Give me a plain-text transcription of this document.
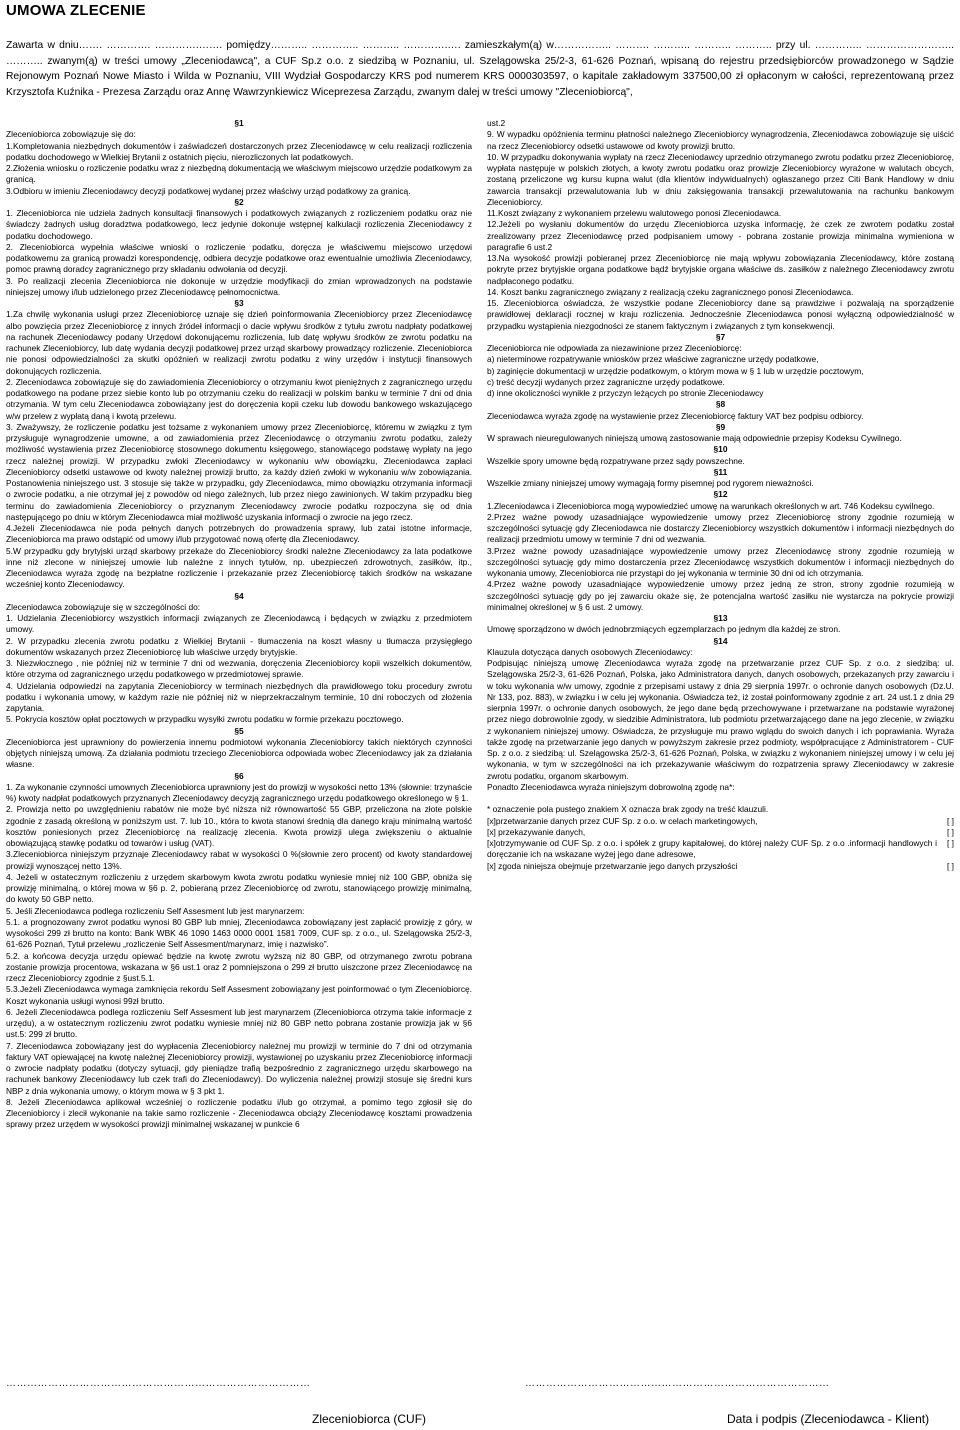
UMOWA ZLECENIE
Zawarta w dniu……. …………. ………….……. pomiędzy……….. ………….. ……….. ………….…. zamieszkałym(ą) w…………….. ………. ……….. ……….. ……….. przy ul. ………….. …………………….. ……….. zwanym(ą) w treści umowy „Zleceniodawcą", a CUF Sp.z o.o. z siedzibą w Poznaniu, ul. Szelągowska 25/2-3, 61-626 Poznań, wpisaną do rejestru przedsiębiorców prowadzonego w Sądzie Rejonowym Poznań Nowe Miasto i Wilda w Poznaniu, VIII Wydział Gospodarczy KRS pod numerem KRS 0000303597, o kapitale zakładowym 337500,00 zł opłaconym w całości, reprezentowaną przez Krzysztofa Kuźnika - Prezesa Zarządu oraz Annę Wawrzynkiewicz Wiceprezesa Zarządu, zwanym dalej w treści umowy "Zleceniobiorcą",

§1

Zleceniobiorca zobowiązuje się do:

1.Kompletowania niezbędnych dokumentów i zaświadczeń dostarczonych przez Zleceniodawcę w celu realizacji rozliczenia podatku dochodowego w Wielkiej Brytanii z ostatnich pięciu, nierozliczonych lat podatkowych.

2.Złożenia wniosku o rozliczenie podatku wraz z niezbędną dokumentacją we właściwym miejscowo urzędzie podatkowym za granicą.

3.Odbioru w imieniu Zleceniodawcy decyzji podatkowej wydanej przez właściwy urząd podatkowy za granicą.

§2

1. Zleceniobiorca nie udziela żadnych konsultacji finansowych i podatkowych związanych z rozliczeniem podatku oraz nie świadczy żadnych usług doradztwa podatkowego, lecz jedynie dokonuje wstępnej kalkulacji rozliczenia Zleceniodawcy z podatku dochodowego.

2. Zleceniobiorca wypełnia właściwe wnioski o rozliczenie podatku, doręcza je właściwemu miejscowo urzędowi podatkowemu za granicą prowadzi korespondencję, odbiera decyzje podatkowe oraz ewentualnie umożliwia Zleceniodawcy, pomoc prawną doradcy zagranicznego przy składaniu odwołania od decyzji.

3. Po realizacji zlecenia Zleceniobiorca nie dokonuje w urzędzie modyfikacji do zmian wprowadzonych na podstawie niniejszej umowy i/lub udzielonego przez Zleceniodawcę pełnomocnictwa.

§3

1.Za chwilę wykonania usługi przez Zleceniobiorcę uznaje się dzień poinformowania Zleceniobiorcy przez Zleceniodawcę albo powzięcia przez Zleceniobiorcę z innych źródeł informacji o dacie wpływu środków z tytułu zwrotu nadpłaty podatkowej na rachunek Zleceniodawcy podany Urzędowi dokonującemu rozliczenia, lub datę wpływu środków ze zwrotu podatku na rachunek Zleceniobiorcy, lub datę wydania decyzji podatkowej przez urząd skarbowy prowadzący rozliczenie. Zleceniobiorca nie ponosi odpowiedzialności za skutki opóźnień w realizacji zwrotu podatku z winy urzędów i instytucji finansowych dokonujących rozliczenia.

2. Zleceniodawca zobowiązuje się do zawiadomienia Zleceniobiorcy o otrzymaniu kwot pieniężnych z zagranicznego urzędu podatkowego na podane przez siebie konto lub po otrzymaniu czeku do realizacji w polskim banku w terminie 7 dni od dnia otrzymania. W tym celu Zleceniodawca zobowiązany jest do doręczenia kopii czeku lub dowodu bankowego wskazującego w/w przelew z wypłatą daną i kwotą przelewu.

3. Zważywszy, że rozliczenie podatku jest tożsame z wykonaniem umowy przez Zleceniobiorcę, któremu w związku z tym przysługuje wynagrodzenie umowne, a od zawiadomienia przez Zleceniodawcę o otrzymaniu zwrotu podatku, zależy możliwość wystawienia przez Zleceniobiorcę stosownego dokumentu księgowego, stanowiącego podstawę wypłaty na jego rzecz należnej prowizji. W przypadku zwłoki Zleceniodawcy w wykonaniu w/w obowiązku, Zleceniodawca zapłaci Zleceniobiorcy odsetki ustawowe od kwoty należnej prowizji brutto, za każdy dzień zwłoki w wykonaniu w/w zobowiązania. Postanowienia niniejszego ust. 3 stosuje się także w przypadku, gdy Zleceniodawca, mimo obowiązku otrzymania informacji o zwrocie podatku, a nie otrzymał jej z powodów od niego zależnych, lub przez niego zawinionych. W takim przypadku bieg terminu do zawiadomienia Zleceniobiorcy o przyznanym Zleceniodawcy zwrocie podatku rozpoczyna się od dnia następującego po dniu w którym Zleceniodawca miał możliwość uzyskania informacji o zwrocie na jego rzecz.

4.Jeżeli Zleceniodawca nie poda pełnych danych potrzebnych do prowadzenia sprawy, lub zatai istotne informacje, Zleceniobiorca ma prawo odstąpić od umowy i/lub przygotować nową ofertę dla Zleceniodawcy.

5.W przypadku gdy brytyjski urząd skarbowy przekaże do Zleceniobiorcy środki należne Zleceniodawcy za lata podatkowe inne niż zlecone w niniejszej umowie lub należne z innych tytułów, np. ubezpieczeń zdrowotnych, zasiłków, itp., Zleceniodawca wyraża zgodę na bezpłatne rozliczenie i przekazanie przez Zleceniobiorcę takich środków na wskazane wcześniej konto Zleceniodawcy.

§4

Zleceniodawca zobowiązuje się w szczególności do:

1. Udzielania Zleceniobiorcy wszystkich informacji związanych ze Zleceniodawcą i będących w związku z przedmiotem umowy.

2. W przypadku zlecenia zwrotu podatku z Wielkiej Brytanii - tłumaczenia na koszt własny u tłumacza przysięgłego dokumentów wskazanych przez Zleceniobiorcę lub właściwe urzędy brytyjskie.

3. Niezwłocznego , nie później niż w terminie 7 dni od wezwania, doręczenia Zleceniobiorcy kopii wszelkich dokumentów, które otrzyma od zagranicznego urzędu podatkowego w przedmiotowej sprawie.

4. Udzielania odpowiedzi na zapytania Zleceniobiorcy w terminach niezbędnych dla prawidłowego toku procedury zwrotu podatku i wykonania umowy, w każdym razie nie później niż w nieprzekraczalnym terminie, 10 dni roboczych od złożenia zapytania.

5. Pokrycia kosztów opłat pocztowych w przypadku wysyłki zwrotu podatku w formie przekazu pocztowego.

§5

Zleceniobiorca jest uprawniony do powierzenia innemu podmiotowi wykonania Zleceniobiorcy takich niektórych czynności objętych niniejszą umową. Za działania podmiotu trzeciego Zleceniobiorca odpowiada wobec Zleceniodawcy jak za działania własne.

§6

1. Za wykonanie czynności umownych Zleceniobiorca uprawniony jest do prowizji w wysokości netto 13% (słownie: trzynaście %) kwoty nadpłat podatkowych przyznanych Zleceniodawcy decyzją zagranicznego urzędu podatkowego określonego w § 1.

2. Prowizja netto po uwzględnieniu rabatów nie może być niższa niż równowartość 55 GBP, przeliczona na złote polskie zgodnie z zasadą określoną w poniższym ust. 7. lub 10., która to kwota stanowi średnią dla danego kraju minimalną wartość kosztów poniesionych przez Zleceniobiorcę na realizację zlecenia. Kwota prowizji ulega zwiększeniu o aktualnie obowiązującą stawkę podatku od towarów i usług (VAT).

3.Zleceniobiorca niniejszym przyznaje Zleceniodawcy rabat w wysokości 0 %(słownie zero procent) od kwoty standardowej prowizji wynoszącej netto 13%.

4. Jeżeli w ostatecznym rozliczeniu z urzędem skarbowym kwota zwrotu podatku wyniesie mniej niż 100 GBP, obniża się prowizję minimalną, o której mowa w §6 p. 2, pobieraną przez Zleceniobiorcę od zwrotu, stanowiącego prowizję minimalną, do kwoty 50 GBP netto.

5. Jeśli Zleceniodawca podlega rozliczeniu Self Assesment lub jest marynarzem:

5.1. a prognozowany zwrot podatku wynosi 80 GBP lub mniej, Zleceniodawca zobowiązany jest zapłacić prowizję z góry, w wysokości 299 zł brutto na konto: Bank WBK 46 1090 1463 0000 0001 1581 7009, CUF sp. z o.o., ul. Szelągowska 25/2-3, 61-626 Poznań, Tytuł przelewu „rozliczenie Self Assesment/marynarz, imię i nazwisko”.

5.2. a końcowa decyzja urzędu opiewać będzie na kwotę zwrotu wyższą niż 80 GBP, od otrzymanego zwrotu pobrana zostanie prowizja procentowa, wskazana w §6 ust.1 oraz 2 pomniejszona o 299 zł brutto uiszczone przez Zleceniodawcę na rzecz Zleceniobiorcy zgodnie z §ust.5.1.

5.3.Jeżeli Zleceniodawca wymaga zamknięcia rekordu Self Assesment zobowiązany jest poinformować o tym Zleceniobiorcę. Koszt wykonania usługi wynosi 99zł brutto.

6. Jeżeli Zleceniodawca podlega rozliczeniu Self Assesment lub jest marynarzem (Zleceniobiorca otrzyma takie informacje z urzędu), a w ostatecznym rozliczeniu zwrot podatku wyniesie mniej niż 80 GBP netto pobrana zostanie prowizja jak w §6 ust.5: 299 zł brutto.

7. Zleceniodawca zobowiązany jest do wypłacenia Zleceniobiorcy należnej mu prowizji w terminie do 7 dni od otrzymania faktury VAT opiewającej na kwotę należnej Zleceniobiorcy prowizji, wystawionej po uzyskaniu przez Zleceniobiorcę informacji o zwrocie nadpłaty podatku (dotyczy sytuacji, gdy pieniądze trafią bezpośrednio z zagranicznego urzędu skarbowego na rachunek bankowy Zleceniodawcy lub czek trafi do Zleceniodawcy). Do wyliczenia należnej prowizji stosuje się średni kurs NBP z dnia wykonania umowy, o którym mowa w § 3 pkt 1.

8. Jeżeli Zleceniodawca aplikował wcześniej o rozliczenie podatku i/lub go otrzymał, a pomimo tego zgłosił się do Zleceniobiorcy i zlecił wykonanie na takie samo rozliczenie - Zleceniodawca obciąży Zleceniodawcę kosztami prowadzenia sprawy przez urzędem w wysokości prowizji minimalnej wskazanej w punkcie 6

ust.2

9. W wypadku opóźnienia terminu płatności należnego Zleceniobiorcy wynagrodzenia, Zleceniodawca zobowiązuje się uiścić na rzecz Zleceniobiorcy odsetki ustawowe od kwoty prowizji brutto.

10. W przypadku dokonywania wypłaty na rzecz Zleceniodawcy uprzednio otrzymanego zwrotu podatku przez Zleceniobiorcę, wypłata następuje w polskich złotych, a kwoty zwrotu podatku oraz prowizje Zleceniobiorcy wyrażone w walutach obcych, zostaną przeliczone wg kursu kupna walut (dla klientów indywidualnych) ogłaszanego przez Citi Bank Handlowy w dniu zawarcia transakcji przewalutowania lub w dniu zaksięgowania transakcji przewalutowania na rachunku bankowym Zleceniobiorcy.

11.Koszt związany z wykonaniem przelewu walutowego ponosi Zleceniodawca.

12.Jeżeli po wysłaniu dokumentów do urzędu Zleceniobiorca uzyska informację, że czek ze zwrotem podatku został zrealizowany przez Zleceniodawcę przed podpisaniem umowy - pobrana zostanie prowizja minimalna wymieniona w paragrafie 6 ust.2

13.Na wysokość prowizji pobieranej przez Zleceniobiorcę nie mają wpływu zobowiązania Zleceniodawcy, które zostaną pokryte przez brytyjskie organa podatkowe bądź brytyjskie organa właściwe ds. zasiłków z należnego Zleceniodawcy zwrotu nadpłaconego podatku.

14. Koszt banku zagranicznego związany z realizacją czeku zagranicznego ponosi Zleceniodawca.

15. Zleceniobiorca oświadcza, że wszystkie podane Zleceniobiorcy dane są prawdziwe i pozwalają na sporządzenie prawidłowej deklaracji rocznej w kraju rozliczenia. Jednocześnie Zleceniodawca ponosi wyłączną odpowiedzialność w przypadku wystąpienia niezgodności ze stanem faktycznym i związanych z tym konsekwencji.

§7

Zleceniobiorca nie odpowiada za niezawinione przez Zleceniobiorcę:

a) nieterminowe rozpatrywanie wniosków przez właściwe zagraniczne urzędy podatkowe,

b) zaginięcie dokumentacji w urzędzie podatkowym, o którym mowa w § 1 lub w urzędzie pocztowym,

c) treść decyzji wydanych przez zagraniczne urzędy podatkowe.

d) inne okoliczności wynikłe z przyczyn leżących po stronie Zleceniodawcy

§8

Zleceniodawca wyraża zgodę na wystawienie przez Zleceniobiorcę faktury VAT bez podpisu odbiorcy.

§9

W sprawach nieuregulowanych niniejszą umową zastosowanie mają odpowiednie przepisy Kodeksu Cywilnego.

§10

Wszelkie spory umowne będą rozpatrywane przez sądy powszechne.

§11

Wszelkie zmiany niniejszej umowy wymagają formy pisemnej pod rygorem nieważności.

§12

1.Zleceniodawca i Zleceniobiorca mogą wypowiedzieć umowę na warunkach określonych w art. 746 Kodeksu cywilnego.

2.Przez ważne powody uzasadniające wypowiedzenie umowy przez Zleceniobiorcę strony zgodnie rozumieją w szczególności sytuację gdy Zleceniodawca nie dostarczy Zleceniobiorcy wszystkich dokumentów i informacji niezbędnych do realizacji przedmiotu umowy w terminie 7 dni od wezwania.

3.Przez ważne powody uzasadniające wypowiedzenie umowy przez Zleceniodawcę strony zgodnie rozumieją w szczególności sytuację gdy mimo dostarczenia przez Zleceniodawcę wszystkich dokumentów i informacji niezbędnych do wykonania umowy, Zleceniobiorca nie przystąpi do jej wykonania w terminie 30 dni od ich otrzymania.

4.Przez ważne powody uzasadniające wypowiedzenie umowy przez jedną ze stron, strony zgodnie rozumieją w szczególności sytuację gdy po jej zawarciu okaże się, że potencjalna wartość zasiłku nie wystarcza na pokrycie prowizji minimalnej określonej w § 6 ust. 2 umowy.

§13

Umowę sporządzono w dwóch jednobrzmiących egzemplarzach po jednym dla każdej ze stron.

§14

Klauzula dotycząca danych osobowych Zleceniodawcy:

Podpisując niniejszą umowę Zleceniodawca wyraża zgodę na przetwarzanie przez CUF Sp. z o.o. z siedzibą: ul. Szelągowska 25/2-3, 61-626 Poznań, Polska, jako Administratora danych, danych osobowych, przekazanych przy zawarciu i w toku wykonania w/w umowy, zgodnie z przepisami ustawy z dnia 29 sierpnia 1997r. o ochronie danych osobowych (Dz.U. Nr 133, poz. 883), w związku i w celu jej wykonania. Oświadcza też, iż został poinformowany zgodnie z art. 24 ust.1 z dnia 29 sierpnia 1997r. o ochronie danych osobowych, że jego dane będą przechowywane i przetwarzane na podstawie wyrażonej przez niego dobrowolnie zgody, w siedzibie Administratora, lub podmiotu przetwarzającego dane na jego zlecenie, w związku z wykonaniem niniejszej umowy. Oświadcza, że przysługuje mu prawo wglądu do swoich danych i ich poprawiania. Wyraża także zgodę na przetwarzanie jego danych w powyższym zakresie przez podmioty, współpracujące z Administratorem - CUF Sp. z o.o. z siedzibą: ul. Szelągowska 25/2-3, 61-626 Poznań, Polska, w związku z wykonaniem niniejszej umowy i w celu jej wykonania, w tym w szczególności na ich przekazywanie właściwym do rozpatrzenia sprawy Zleceniodawcy w zakresie zwrotu podatku, organom skarbowym.

Ponadto Zleceniodawca wyraża niniejszym dobrowolną zgodę na*:

* oznaczenie pola pustego znakiem X oznacza brak zgody na treść klauzuli.

[x]przetwarzanie danych przez CUF Sp. z o.o. w celach marketingowych,	[ ]
[x] przekazywanie danych,	[ ]
[x]otrzymywanie od CUF Sp. z o.o. i spółek z grupy kapitałowej, do której należy CUF Sp. z o.o .informacji handlowych i doręczanie ich na wskazane wyżej jego dane adresowe,
[ ]
[x] zgoda niniejsza obejmuje przetwarzanie jego danych przyszłości	[ ]
……………………………………………………………………………	……………………………………………………………………………
Zleceniobiorca (CUF)	Data i podpis (Zleceniodawca - Klient)
